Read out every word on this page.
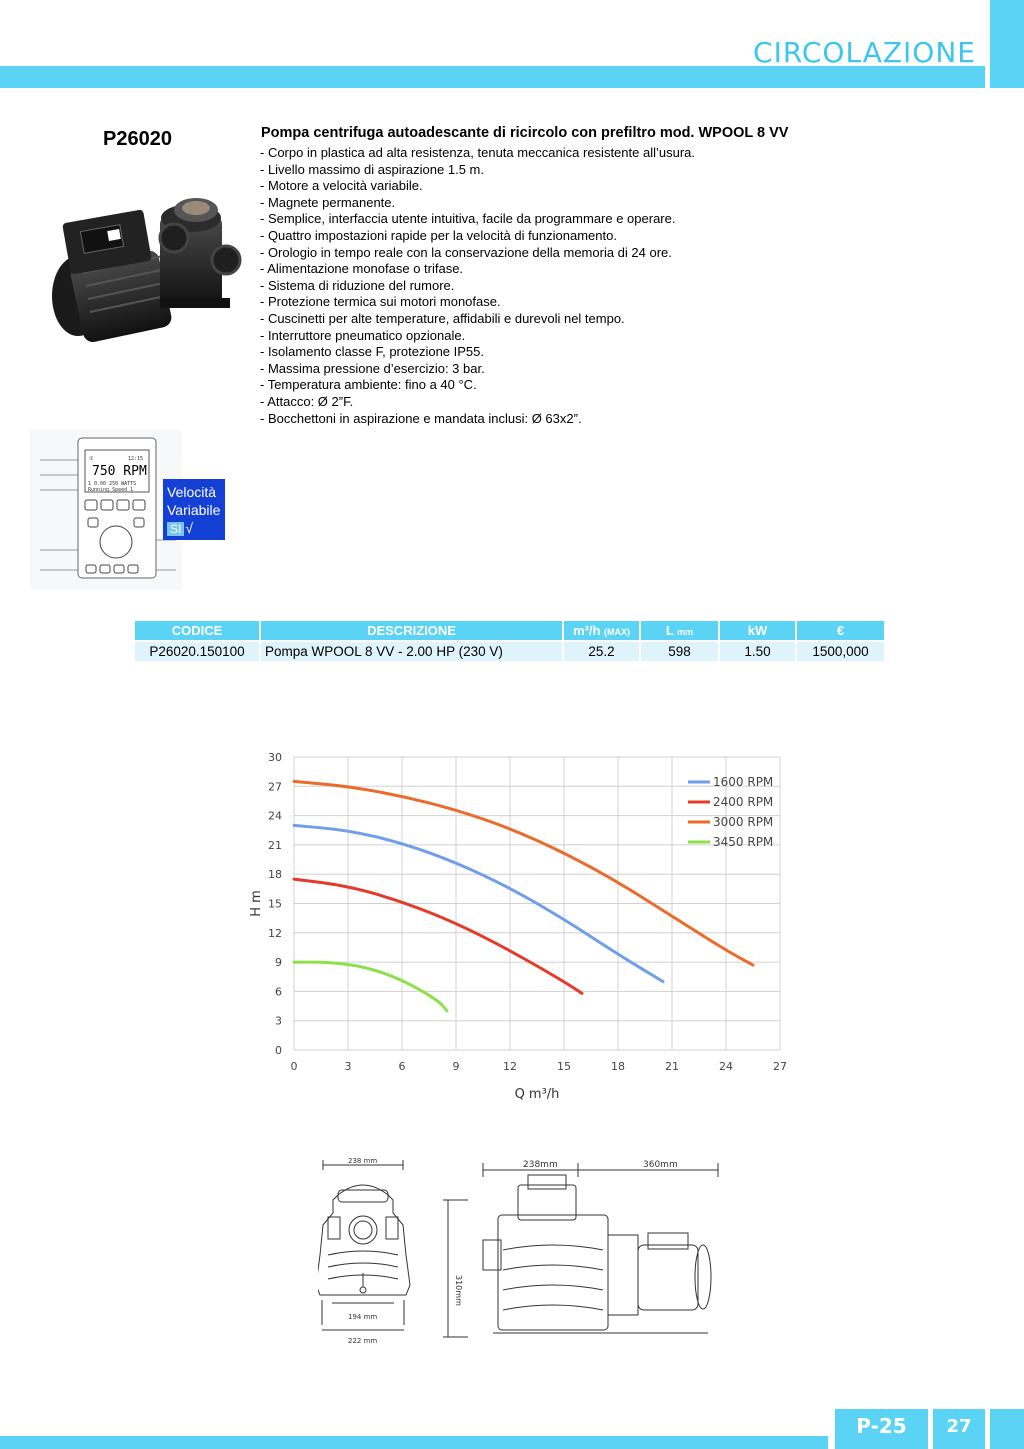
CIRCOLAZIONE
P26020	Pompa centrifuga autoadescante di ricircolo con prefiltro mod. WPOOL 8 VV
- Corpo in plastica ad alta resistenza, tenuta meccanica resistente all’usura.
- Livello massimo di aspirazione 1.5 m.
- Motore a velocità variabile.
- Magnete permanente.
- Semplice, interfaccia utente intuitiva, facile da programmare e operare.
- Quattro impostazioni rapide per la velocità di funzionamento.
- Orologio in tempo reale con la conservazione della memoria di 24 ore.
- Alimentazione monofase o trifase.
- Sistema di riduzione del rumore.
- Protezione termica sui motori monofase.
- Cuscinetti per alte temperature, affidabili e durevoli nel tempo.
- Interruttore pneumatico opzionale.
- Isolamento classe F, protezione IP55.
- Massima pressione d’esercizio: 3 bar.
- Temperatura ambiente: fino a 40 °C.
- Attacco: Ø 2”F.
- Bocchettoni in aspirazione e mandata inclusi: Ø 63x2”.
①	12:15
750 RPM
1 0.00 250 WATTS
Running Speed 1 Velocità
Variabile
SI √
CODICE	DESCRIZIONE	m³/h (MAX)	L mm	kW	€
P26020.150100	Pompa WPOOL 8 VV - 2.00 HP (230 V)	25.2	598	1.50	1500,000
0	3	6	9	12	15	18	21	24	27
0
3
6
9
12
15
18
21
24
27
30
Q m³/h
H m
1600 RPM
2400 RPM
3000 RPM
3450 RPM
238 mm
194 mm
222 mm
238mm	360mm
310mm
P-25	27
